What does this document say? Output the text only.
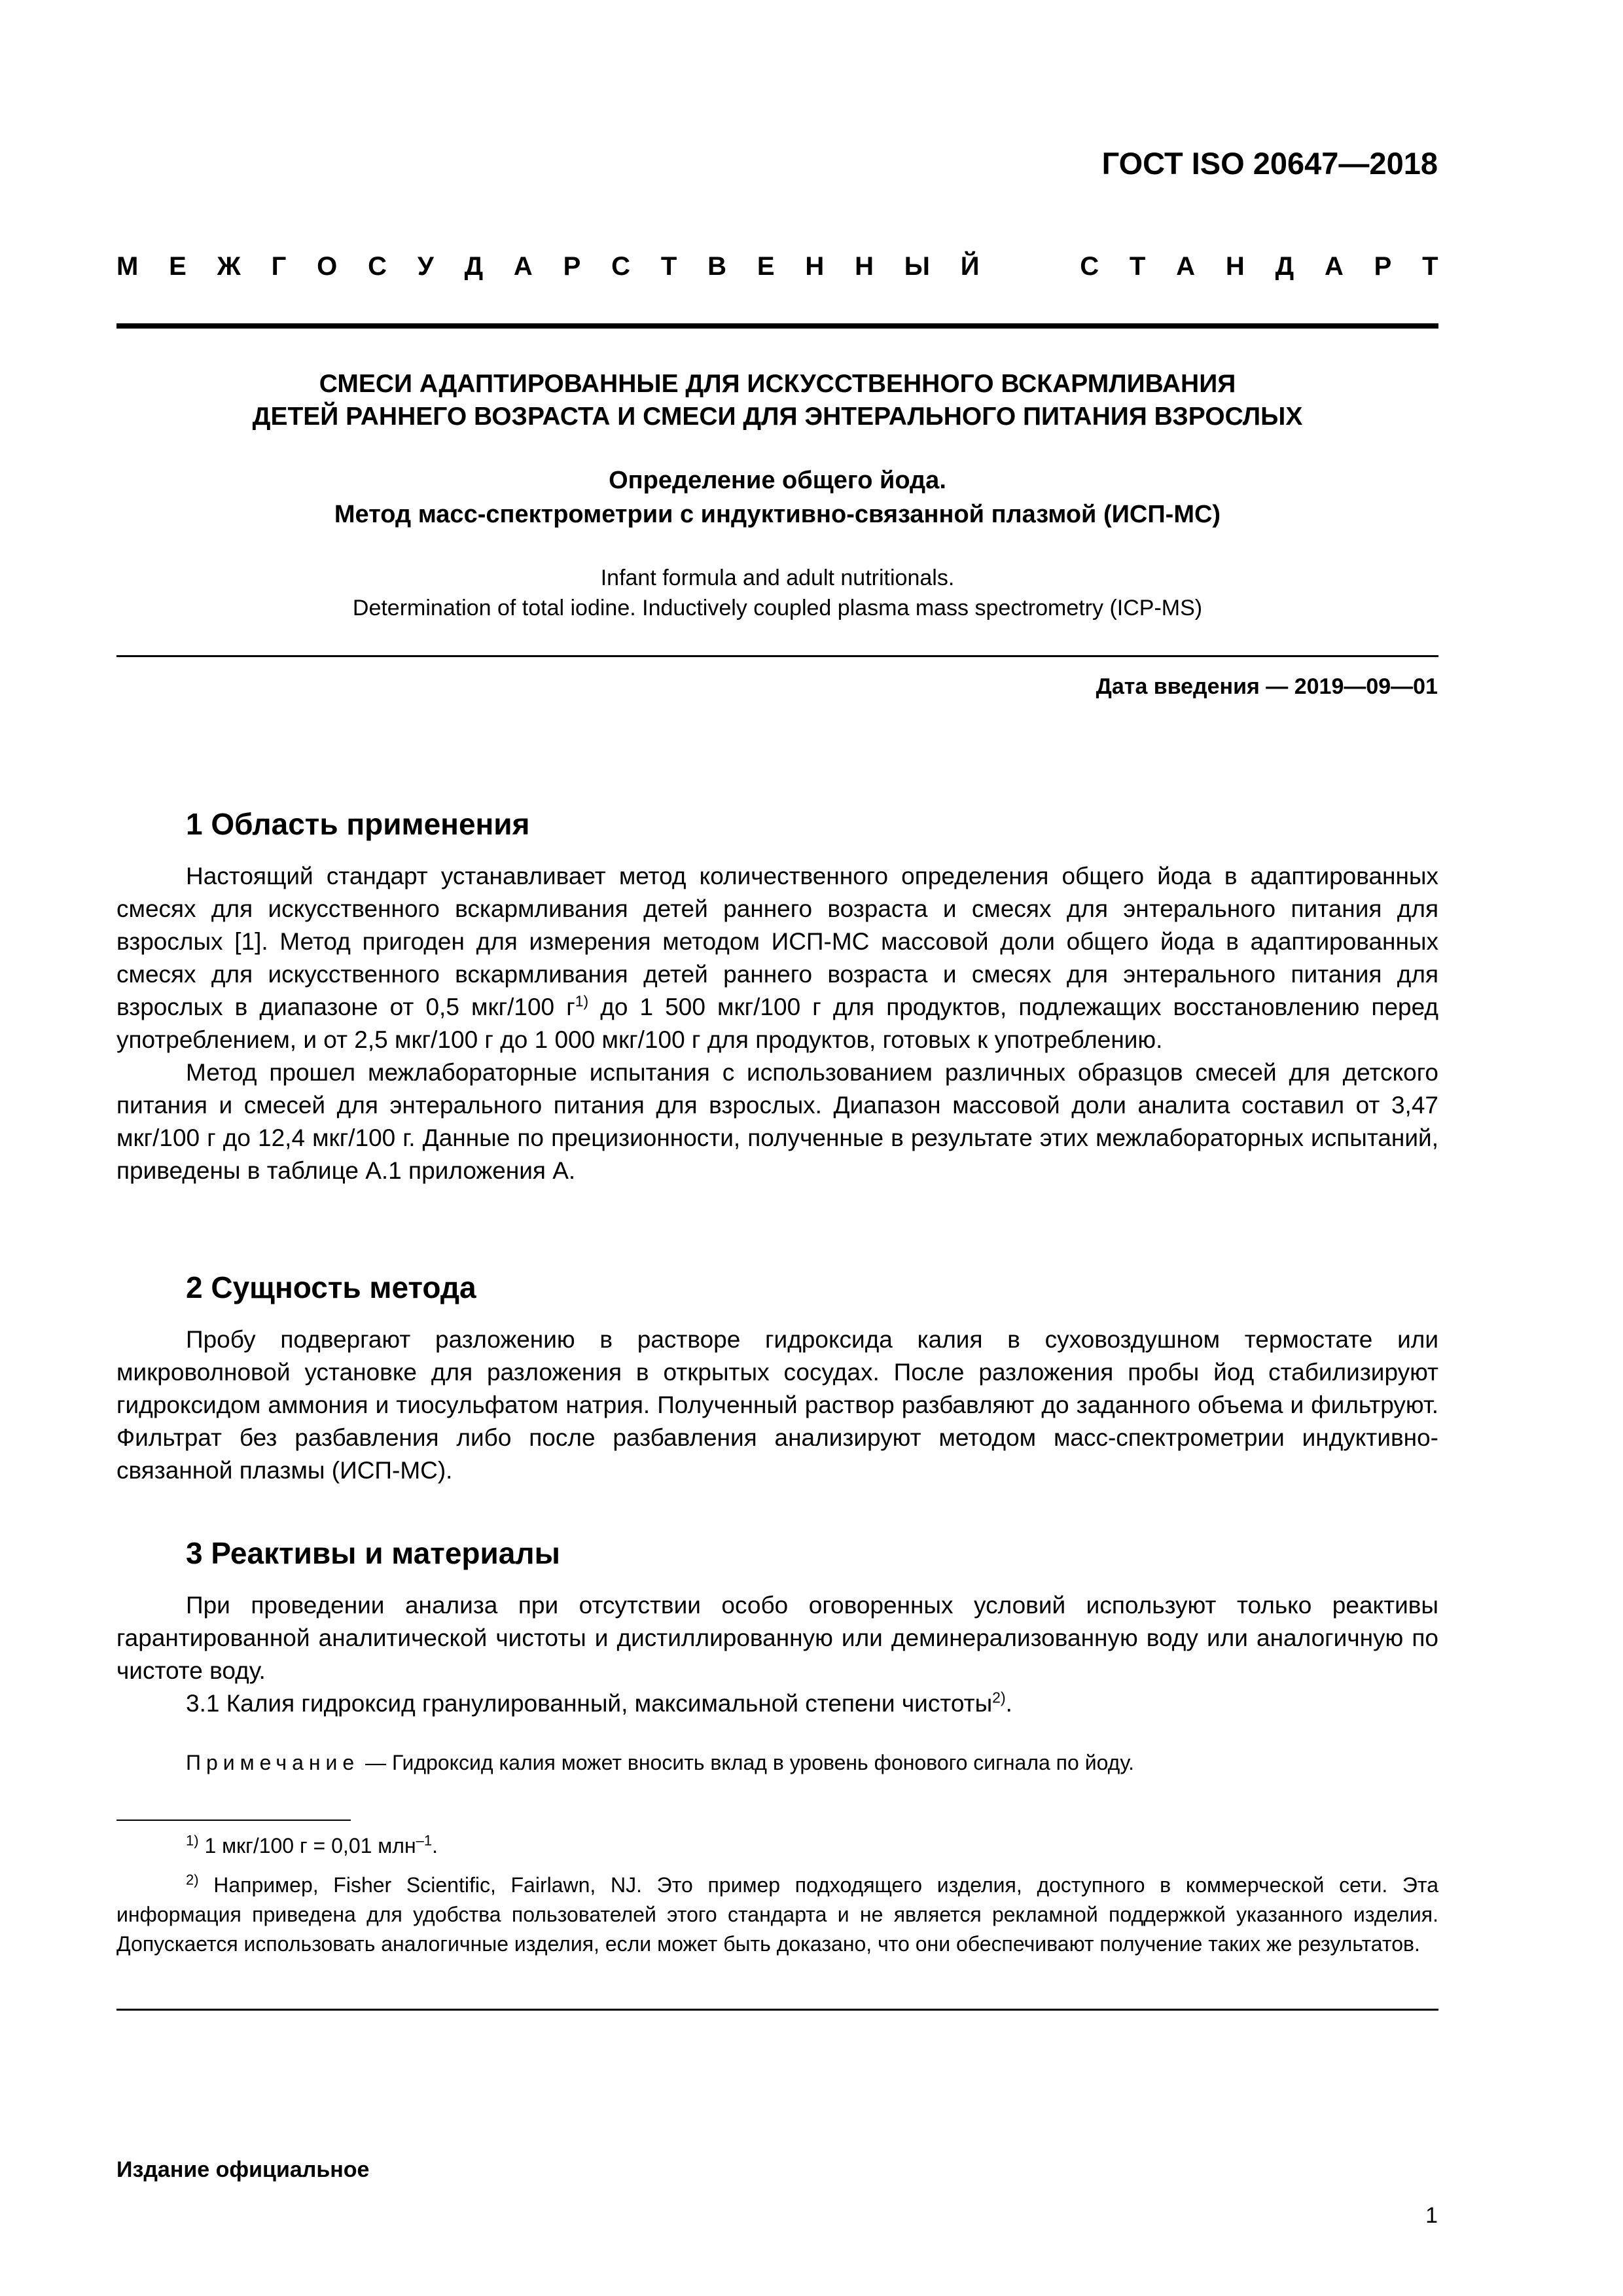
ГОСТ ISO 20647—2018
М Е Ж Г О С У Д А Р С Т В Е Н Н Ы Й	С Т А Н Д А Р Т
СМЕСИ АДАПТИРОВАННЫЕ ДЛЯ ИСКУССТВЕННОГО ВСКАРМЛИВАНИЯ
ДЕТЕЙ РАННЕГО ВОЗРАСТА И СМЕСИ ДЛЯ ЭНТЕРАЛЬНОГО ПИТАНИЯ ВЗРОСЛЫХ
Определение общего йода.
Метод масс-спектрометрии с индуктивно-связанной плазмой (ИСП-МС)
Infant formula and adult nutritionals.
Determination of total iodine. Inductively coupled plasma mass spectrometry (ICP-MS)
Дата введения — 2019—09—01
1 Область применения

Настоящий стандарт устанавливает метод количественного определения общего йода в адаптированных смесях для искусственного вскармливания детей раннего возраста и смесях для энтерального питания для взрослых [1]. Метод пригоден для измерения методом ИСП-МС массовой доли общего йода в адаптированных смесях для искусственного вскармливания детей раннего возраста и смесях для энтерального питания для взрослых в диапазоне от 0,5 мкг/100 $г^{1)}$ до 1 500 мкг/100 г для продуктов, подлежащих восстановлению перед употреблением, и от 2,5 мкг/100 г до 1 000 мкг/100 г для продуктов, готовых к употреблению.

Метод прошел межлабораторные испытания с использованием различных образцов смесей для детского питания и смесей для энтерального питания для взрослых. Диапазон массовой доли аналита составил от 3,47 мкг/100 г до 12,4 мкг/100 г. Данные по прецизионности, полученные в результате этих межлабораторных испытаний, приведены в таблице А.1 приложения А.

2 Сущность метода

Пробу подвергают разложению в растворе гидроксида калия в суховоздушном термостате или микроволновой установке для разложения в открытых сосудах. После разложения пробы йод стабилизируют гидроксидом аммония и тиосульфатом натрия. Полученный раствор разбавляют до заданного объема и фильтруют. Фильтрат без разбавления либо после разбавления анализируют методом масс-спектрометрии индуктивно-связанной плазмы (ИСП-МС).

3 Реактивы и материалы

При проведении анализа при отсутствии особо оговоренных условий используют только реактивы гарантированной аналитической чистоты и дистиллированную или деминерализованную воду или аналогичную по чистоте воду.

3.1 Калия гидроксид гранулированный, максимальной степени чистоты$^{2)}$.

Примечание — Гидроксид калия может вносить вклад в уровень фонового сигнала по йоду.

$^{1)}$ 1 мкг/100 г = 0,01 млн$^{-1}$.

$^{2)}$ Например, Fisher Scientific, Fairlawn, NJ. Это пример подходящего изделия, доступного в коммерческой сети. Эта информация приведена для удобства пользователей этого стандарта и не является рекламной поддержкой указанного изделия. Допускается использовать аналогичные изделия, если может быть доказано, что они обеспечивают получение таких же результатов.

Издание официальное
1
